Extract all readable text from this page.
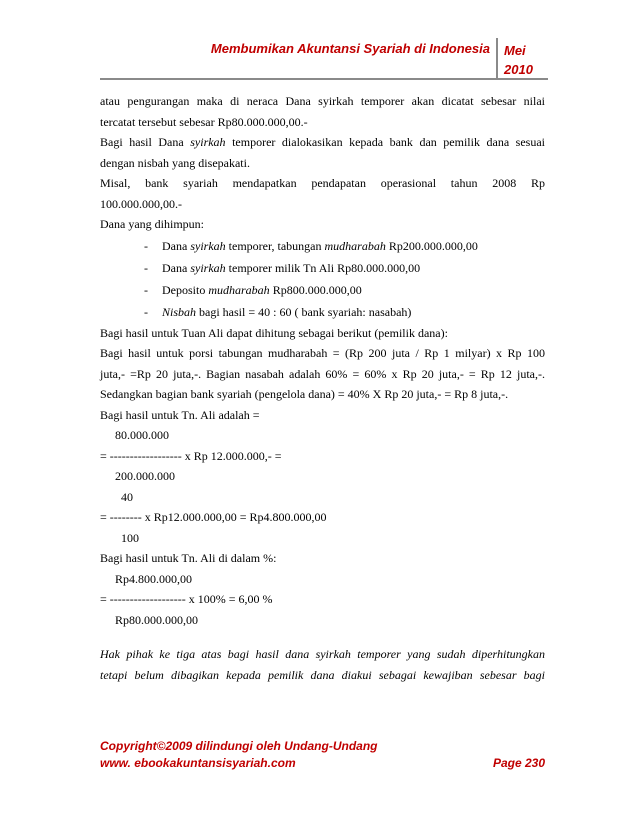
Membumikan Akuntansi Syariah di Indonesia Mei
2010

atau pengurangan maka di neraca Dana syirkah temporer akan dicatat sebesar nilai

tercatat tersebut sebesar Rp80.000.000,00.-

Bagi hasil Dana syirkah temporer dialokasikan kepada bank dan pemilik dana sesuai

dengan nisbah yang disepakati.

Misal, bank syariah mendapatkan pendapatan operasional tahun 2008 Rp

100.000.000,00.-

Dana yang dihimpun:

- Dana syirkah temporer, tabungan mudharabah Rp200.000.000,00
- Dana syirkah temporer milik Tn Ali Rp80.000.000,00
- Deposito mudharabah Rp800.000.000,00
- Nisbah bagi hasil = 40 : 60 ( bank syariah: nasabah)

Bagi hasil untuk Tuan Ali dapat dihitung sebagai berikut (pemilik dana):

Bagi hasil untuk porsi tabungan mudharabah = (Rp 200 juta / Rp 1 milyar) x Rp 100

juta,- =Rp 20 juta,-. Bagian nasabah adalah 60% = 60% x Rp 20 juta,- = Rp 12 juta,-.

Sedangkan bagian bank syariah (pengelola dana) = 40% X Rp 20 juta,- = Rp 8 juta,-.

Bagi hasil untuk Tn. Ali adalah =

80.000.000

= ------------------ x Rp 12.000.000,- =

200.000.000

40

= -------- x Rp12.000.000,00 = Rp4.800.000,00

100

Bagi hasil untuk Tn. Ali di dalam %:

Rp4.800.000,00

= ------------------- x 100% = 6,00 %

Rp80.000.000,00

Hak pihak ke tiga atas bagi hasil dana syirkah temporer yang sudah diperhitungkan

tetapi belum dibagikan kepada pemilik dana diakui sebagai kewajiban sebesar bagi

Copyright©2009 dilindungi oleh Undang-Undang
www. ebookakuntansisyariah.com	Page 230
